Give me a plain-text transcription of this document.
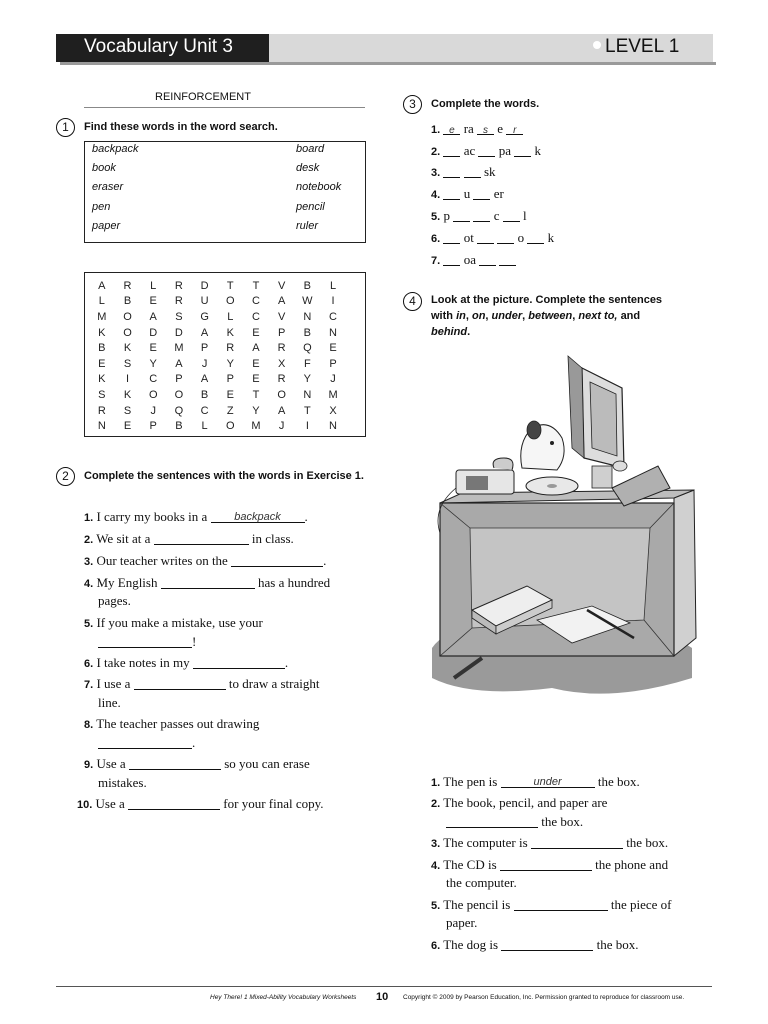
Vocabulary Unit 3	LEVEL 1
REINFORCEMENT
1	Find these words in the word search.
backpack	board
book	desk
eraser	notebook
pen	pencil
paper	ruler
A	R	L	R	D	T	T	V	B	L
L	B	E	R	U	O	C	A	W	I
M	O	A	S	G	L	C	V	N	C
K	O	D	D	A	K	E	P	B	N
B	K	E	M	P	R	A	R	Q	E
E	S	Y	A	J	Y	E	X	F	P
K	I	C	P	A	P	E	R	Y	J
S	K	O	O	B	E	T	O	N	M
R	S	J	Q	C	Z	Y	A	T	X
N	E	P	B	L	O	M	J	I	N
2	Complete the sentences with the words in Exercise 1.
1. I carry my books in a	backpack	.
2. We sit at a	in class.
3. Our teacher writes on the	.
4. My English	has a hundred
pages.
5. If you make a mistake, use your
!
6. I take notes in my	.
7. I use a	to draw a straight
line.
8. The teacher passes out drawing
.
9. Use a	so you can erase
mistakes.
10. Use a	for your final copy.
3	Complete the words.
1. e ra s e r
2.  ac  pa  k
3.	sk
4.  u  er
5. p	c  l
6.  ot	o  k
7.  oa
4	Look at the picture. Complete the sentences
with in, on, under, between, next to, and
behind.
1. The pen is	under	the box.
2. The book, pencil, and paper are
the box.
3. The computer is	the box.
4. The CD is	the phone and
the computer.
5. The pencil is	the piece of
paper.
6. The dog is	the box.
Hey There! 1 Mixed-Ability Vocabulary Worksheets 10 Copyright © 2009 by Pearson Education, Inc. Permission granted to reproduce for classroom use.
